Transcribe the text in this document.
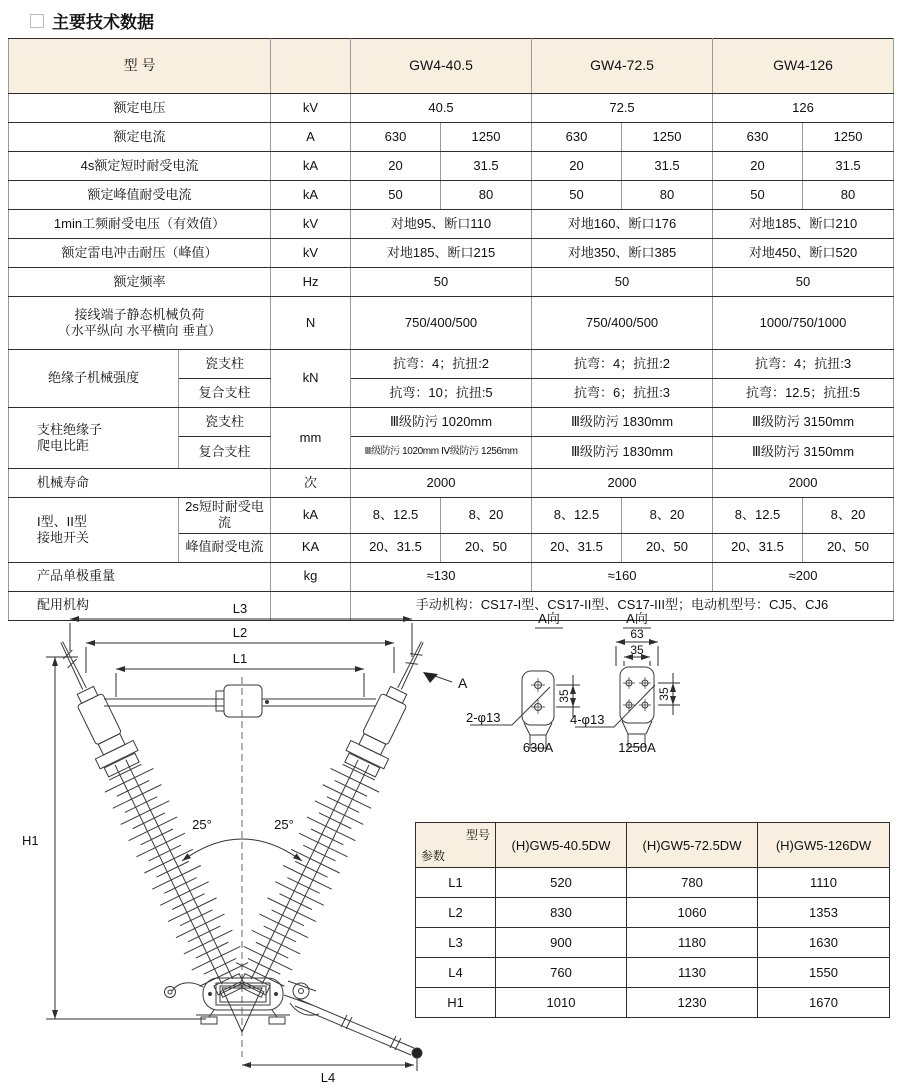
主要技术数据
型 号			GW4-40.5		GW4-72.5		GW4-126	
额定电压		kV	40.5		72.5		126	
额定电流		A	630	1250	630	1250	630	1250
4s额定短时耐受电流		kA	20	31.5	20	31.5	20	31.5
额定峰值耐受电流		kA	50	80	50	80	50	80
1min工频耐受电压（有效值）		kV	对地95、断口110		对地160、断口176		对地185、断口210	
额定雷电冲击耐压（峰值）		kV	对地185、断口215		对地350、断口385		对地450、断口520	
额定频率		Hz	50		50		50	

接线端子静态机械负荷
（水平纵向 水平横向 垂直）		N	750/400/500		750/400/500		1000/750/1000	
绝缘子机械强度	瓷支柱	kN	抗弯：4；抗扭:2		抗弯：4；抗扭:2		抗弯：4；抗扭:3	
	复合支柱		抗弯：10；抗扭:5		抗弯：6；抗扭:3		抗弯：12.5；抗扭:5	

支柱绝缘子
爬电比距	瓷支柱	mm	Ⅲ级防污 1020mm		Ⅲ级防污 1830mm		Ⅲ级防污 3150mm	
	复合支柱		Ⅲ级防污 1020mm Ⅳ级防污 1256mm		Ⅲ级防污 1830mm		Ⅲ级防污 3150mm	
机械寿命		次	2000		2000		2000	

I型、II型
接地开关	2s短时耐受电流	kA	8、12.5	8、20	8、12.5	8、20	8、12.5	8、20
	峰值耐受电流	KA	20、31.5	20、50	20、31.5	20、50	20、31.5	20、50
产品单极重量		kg	≈130		≈160		≈200	
配用机构			手动机构：CS17-I型、CS17-II型、CS17-III型；电动机型号：CJ5、CJ6					
L3
L2
L1
H1
A
25°	25°
L4
A向
35
2-φ13
630A
A向
63
35
35
4-φ13
1250A
型号
参数	(H)GW5-40.5DW	(H)GW5-72.5DW	(H)GW5-126DW
L1	520	780	1110
L2	830	1060	1353
L3	900	1180	1630
L4	760	1130	1550
H1	1010	1230	1670
